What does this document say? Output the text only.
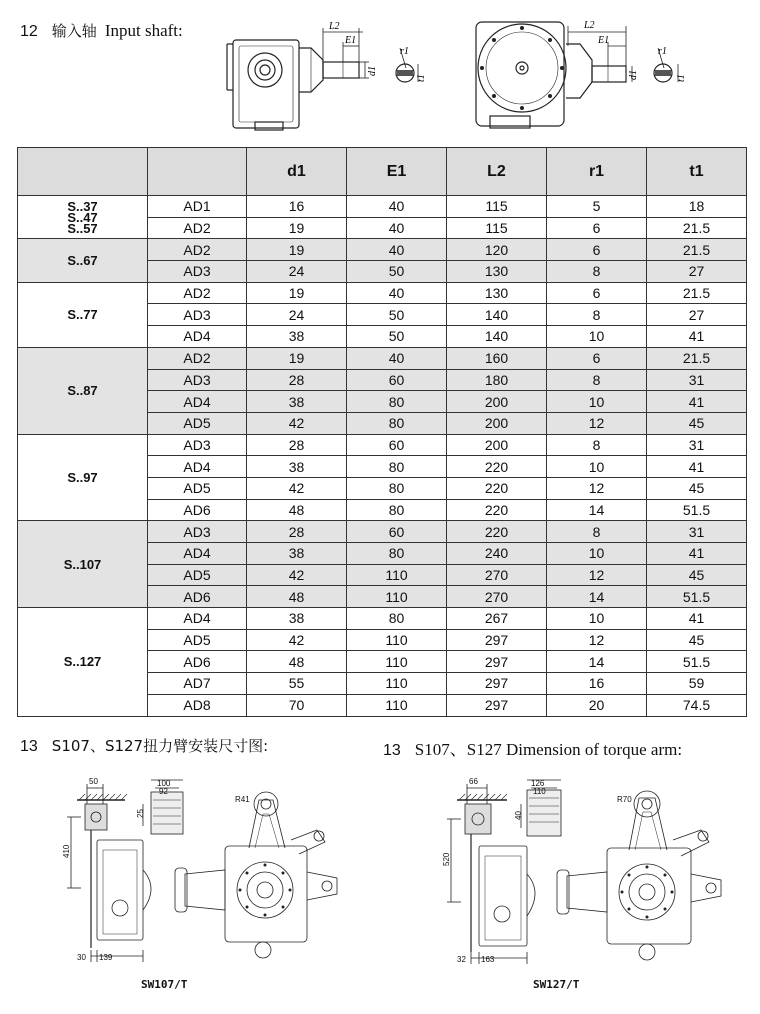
12 输入轴 Input shaft:	L2
E1
d1
r1
t1
L2
E1
d1
r1
t1
		d1	E1	L2	r1	t1
S..37
S..47
S..57	AD1	16	40	115	5	18
	AD2	19	40	115	6	21.5
S..67	AD2	19	40	120	6	21.5
	AD3	24	50	130	8	27
S..77	AD2	19	40	130	6	21.5
	AD3	24	50	140	8	27
	AD4	38	50	140	10	41
S..87	AD2	19	40	160	6	21.5
	AD3	28	60	180	8	31
	AD4	38	80	200	10	41
	AD5	42	80	200	12	45
S..97	AD3	28	60	200	8	31
	AD4	38	80	220	10	41
	AD5	42	80	220	12	45
	AD6	48	80	220	14	51.5
S..107	AD3	28	60	220	8	31
	AD4	38	80	240	10	41
	AD5	42	110	270	12	45
	AD6	48	110	270	14	51.5
S..127	AD4	38	80	267	10	41
	AD5	42	110	297	12	45
	AD6	48	110	297	14	51.5
	AD7	55	110	297	16	59
	AD8	70	110	297	20	74.5
13 S107、S127扭力臂安装尺寸图:	13 S107、S127 Dimension of torque arm:
50	100
92
25
410
30 139
R41
SW107/T
66	126
110
40
520
32 163
R70
SW127/T
